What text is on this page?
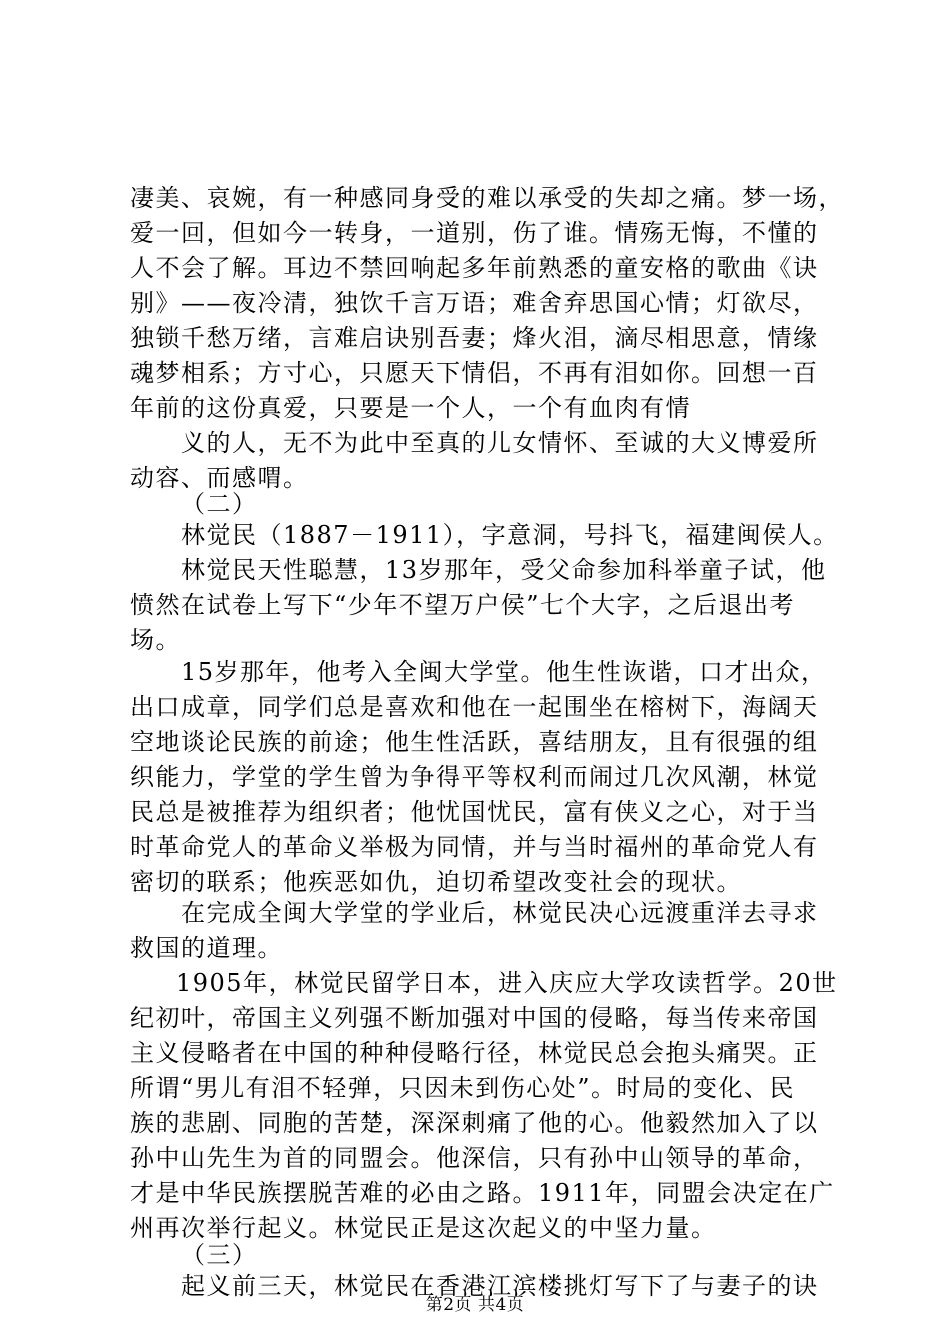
凄美、哀婉，有一种感同身受的难以承受的失却之痛。梦一场，
爱一回，但如今一转身，一道别，伤了谁。情殇无悔，不懂的
人不会了解。耳边不禁回响起多年前熟悉的童安格的歌曲《诀
别》——夜冷清，独饮千言万语；难舍弃思国心情；灯欲尽，
独锁千愁万绪，言难启诀别吾妻；烽火泪，滴尽相思意，情缘
魂梦相系；方寸心，只愿天下情侣，不再有泪如你。回想一百
年前的这份真爱，只要是一个人，一个有血肉有情
义的人，无不为此中至真的儿女情怀、至诚的大义博爱所
动容、而感喟。
（二）
林觉民（1887－1911），字意洞，号抖飞，福建闽侯人。
林觉民天性聪慧，13岁那年，受父命参加科举童子试，他
愤然在试卷上写下“少年不望万户侯”七个大字，之后退出考
场。
15岁那年，他考入全闽大学堂。他生性诙谐，口才出众，
出口成章，同学们总是喜欢和他在一起围坐在榕树下，海阔天
空地谈论民族的前途；他生性活跃，喜结朋友，且有很强的组
织能力，学堂的学生曾为争得平等权利而闹过几次风潮，林觉
民总是被推荐为组织者；他忧国忧民，富有侠义之心，对于当
时革命党人的革命义举极为同情，并与当时福州的革命党人有
密切的联系；他疾恶如仇，迫切希望改变社会的现状。
在完成全闽大学堂的学业后，林觉民决心远渡重洋去寻求
救国的道理。
1905年，林觉民留学日本，进入庆应大学攻读哲学。20世
纪初叶，帝国主义列强不断加强对中国的侵略，每当传来帝国
主义侵略者在中国的种种侵略行径，林觉民总会抱头痛哭。正
所谓“男儿有泪不轻弹，只因未到伤心处”。时局的变化、民
族的悲剧、同胞的苦楚，深深刺痛了他的心。他毅然加入了以
孙中山先生为首的同盟会。他深信，只有孙中山领导的革命，
才是中华民族摆脱苦难的必由之路。1911年，同盟会决定在广
州再次举行起义。林觉民正是这次起义的中坚力量。
（三）
起义前三天，林觉民在香港江滨楼挑灯写下了与妻子的诀
第2页 共4页
